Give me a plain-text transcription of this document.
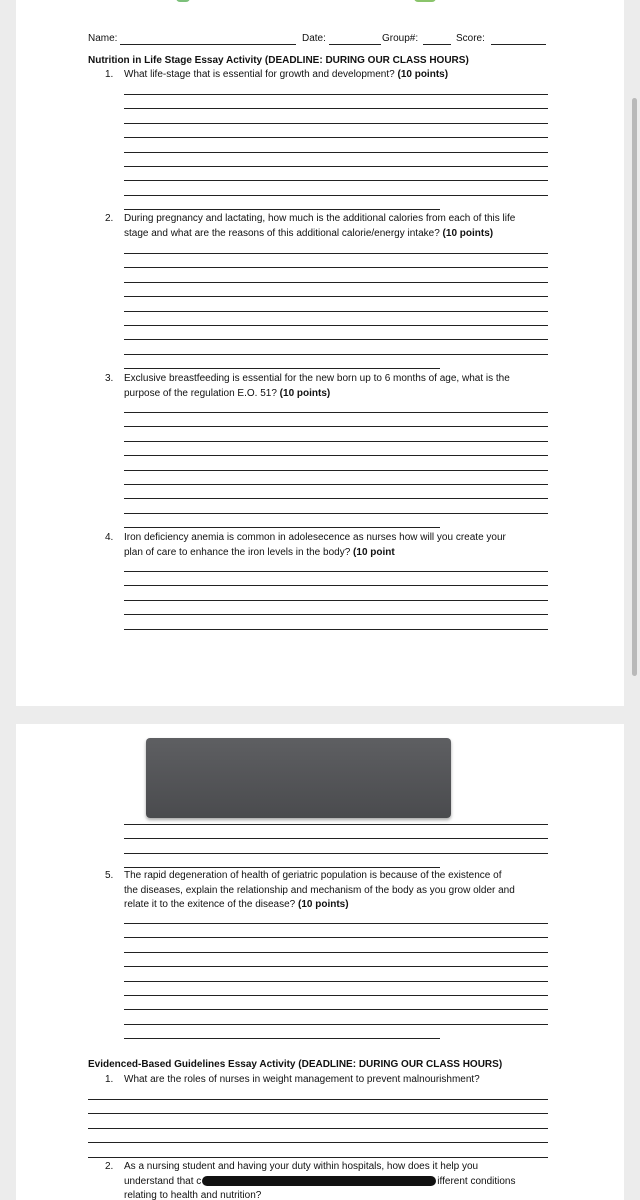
Name:	Date:	Group#:	Score:
Nutrition in Life Stage Essay Activity (DEADLINE: DURING OUR CLASS HOURS)
1. What life-stage that is essential for growth and development? (10 points)
2. During pregnancy and lactating, how much is the additional calories from each of this life
stage and what are the reasons of this additional calorie/energy intake? (10 points)
3. Exclusive breastfeeding is essential for the new born up to 6 months of age, what is the
purpose of the regulation E.O. 51? (10 points)
4. Iron deficiency anemia is common in adolesecence as nurses how will you create your
plan of care to enhance the iron levels in the body? (10 point
5. The rapid degeneration of health of geriatric population is because of the existence of
the diseases, explain the relationship and mechanism of the body as you grow older and
relate it to the exitence of the disease? (10 points)
Evidenced-Based Guidelines Essay Activity (DEADLINE: DURING OUR CLASS HOURS)
1. What are the roles of nurses in weight management to prevent malnourishment?
2. As a nursing student and having your duty within hospitals, how does it help you
understand that c	ifferent conditions
relating to health and nutrition?
